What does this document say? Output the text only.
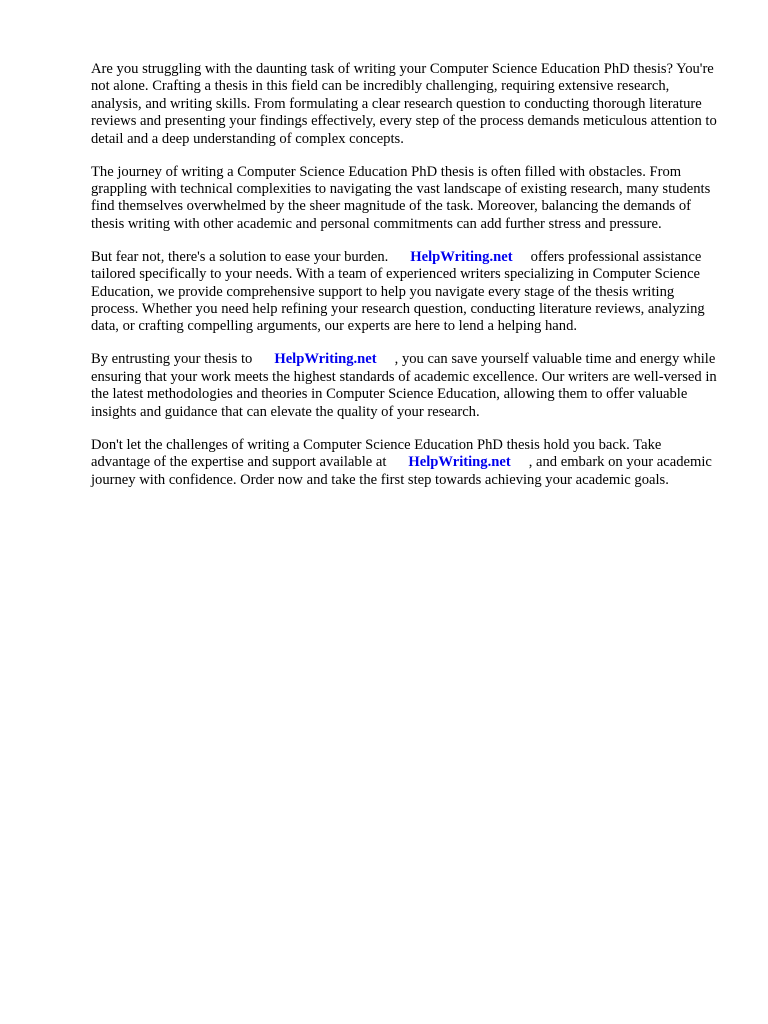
Are you struggling with the daunting task of writing your Computer Science Education PhD thesis? You're not alone. Crafting a thesis in this field can be incredibly challenging, requiring extensive research, analysis, and writing skills. From formulating a clear research question to conducting thorough literature reviews and presenting your findings effectively, every step of the process demands meticulous attention to detail and a deep understanding of complex concepts.

The journey of writing a Computer Science Education PhD thesis is often filled with obstacles. From grappling with technical complexities to navigating the vast landscape of existing research, many students find themselves overwhelmed by the sheer magnitude of the task. Moreover, balancing the demands of thesis writing with other academic and personal commitments can add further stress and pressure.

But fear not, there's a solution to ease your burden. HelpWriting.net offers professional assistance tailored specifically to your needs. With a team of experienced writers specializing in Computer Science Education, we provide comprehensive support to help you navigate every stage of the thesis writing process. Whether you need help refining your research question, conducting literature reviews, analyzing data, or crafting compelling arguments, our experts are here to lend a helping hand.

By entrusting your thesis to HelpWriting.net , you can save yourself valuable time and energy while ensuring that your work meets the highest standards of academic excellence. Our writers are well-versed in the latest methodologies and theories in Computer Science Education, allowing them to offer valuable insights and guidance that can elevate the quality of your research.

Don't let the challenges of writing a Computer Science Education PhD thesis hold you back. Take advantage of the expertise and support available at HelpWriting.net , and embark on your academic journey with confidence. Order now and take the first step towards achieving your academic goals.
